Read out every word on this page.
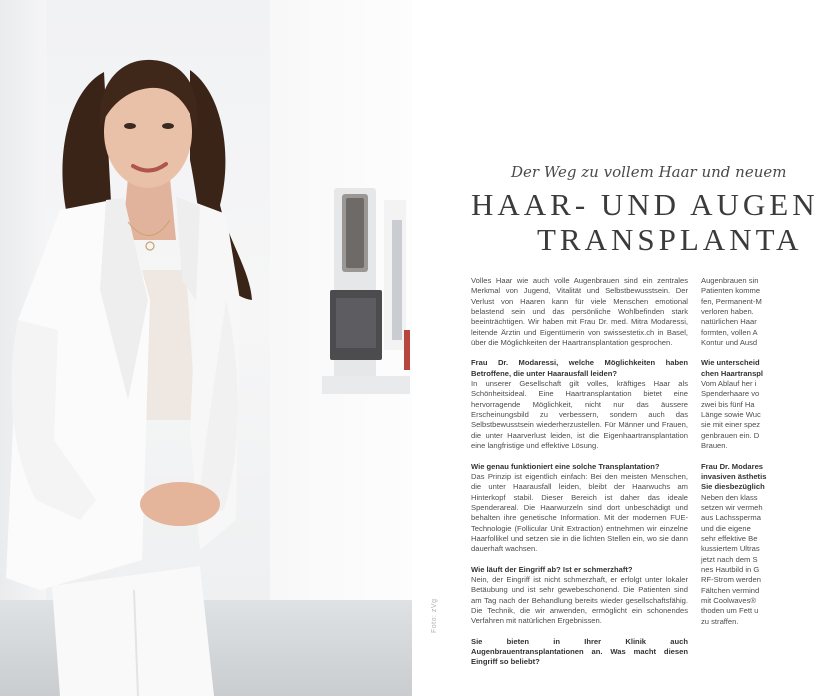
Foto: zVg
Der Weg zu vollem Haar und neuem
HAAR- UND AUGEN
TRANSPLANTA

Volles Haar wie auch volle Augenbrauen sind ein zentrales Merkmal von Jugend, Vitalität und Selbstbewusstsein. Der Verlust von Haaren kann für viele Menschen emotional belastend sein und das persönliche Wohlbefinden stark beeinträchtigen. Wir haben mit Frau Dr. med. Mitra Modaressi, leitende Ärztin und Eigentümerin von swissestetix.ch in Basel, über die Möglichkeiten der Haartransplantation gesprochen.

Frau Dr. Modaressi, welche Möglichkeiten haben Betroffene, die unter Haarausfall leiden?

In unserer Gesellschaft gilt volles, kräftiges Haar als Schönheitsideal. Eine Haartransplantation bietet eine hervorragende Möglichkeit, nicht nur das äussere Erscheinungsbild zu verbessern, sondern auch das Selbstbewusstsein wiederherzustellen. Für Männer und Frauen, die unter Haarverlust leiden, ist die Eigenhaartransplantation eine langfristige und effektive Lösung.

Wie genau funktioniert eine solche Transplantation?

Das Prinzip ist eigentlich einfach: Bei den meisten Menschen, die unter Haarausfall leiden, bleibt der Haarwuchs am Hinterkopf stabil. Dieser Bereich ist daher das ideale Spenderareal. Die Haarwurzeln sind dort unbeschädigt und behalten ihre genetische Information. Mit der modernen FUE-Technologie (Follicular Unit Extraction) entnehmen wir einzelne Haarfollikel und setzen sie in die lichten Stellen ein, wo sie dann dauerhaft wachsen.

Wie läuft der Eingriff ab? Ist er schmerzhaft?

Nein, der Eingriff ist nicht schmerzhaft, er erfolgt unter lokaler Betäubung und ist sehr gewebeschonend. Die Patienten sind am Tag nach der Behandlung bereits wieder gesellschaftsfähig. Die Technik, die wir anwenden, ermöglicht ein schonendes Verfahren mit natürlichen Ergebnissen.

Sie bieten in Ihrer Klinik auch Augenbrauentransplantationen an. Was macht diesen Eingriff so beliebt?

Augenbrauen sin
Patienten komme
fen, Permanent-M
verloren haben.
natürlichen Haar
formten, vollen A
Kontur und Ausd
Wie unterscheid
chen Haartranspl
Vom Ablauf her i
Spenderhaare vo
zwei bis fünf Ha
Länge sowie Wuc
sie mit einer spez
genbrauen ein. D
Brauen.
Frau Dr. Modares
invasiven ästhetis
Sie diesbezüglich
Neben den klass
setzen wir vermeh
aus Lachssperma
und die eigene
sehr effektive Be
kussiertem Ultras
jetzt nach dem S
nes Hautbild in G
RF-Strom werden
Fältchen vermind
mit Coolwaves®
thoden um Fett u
zu straffen.
